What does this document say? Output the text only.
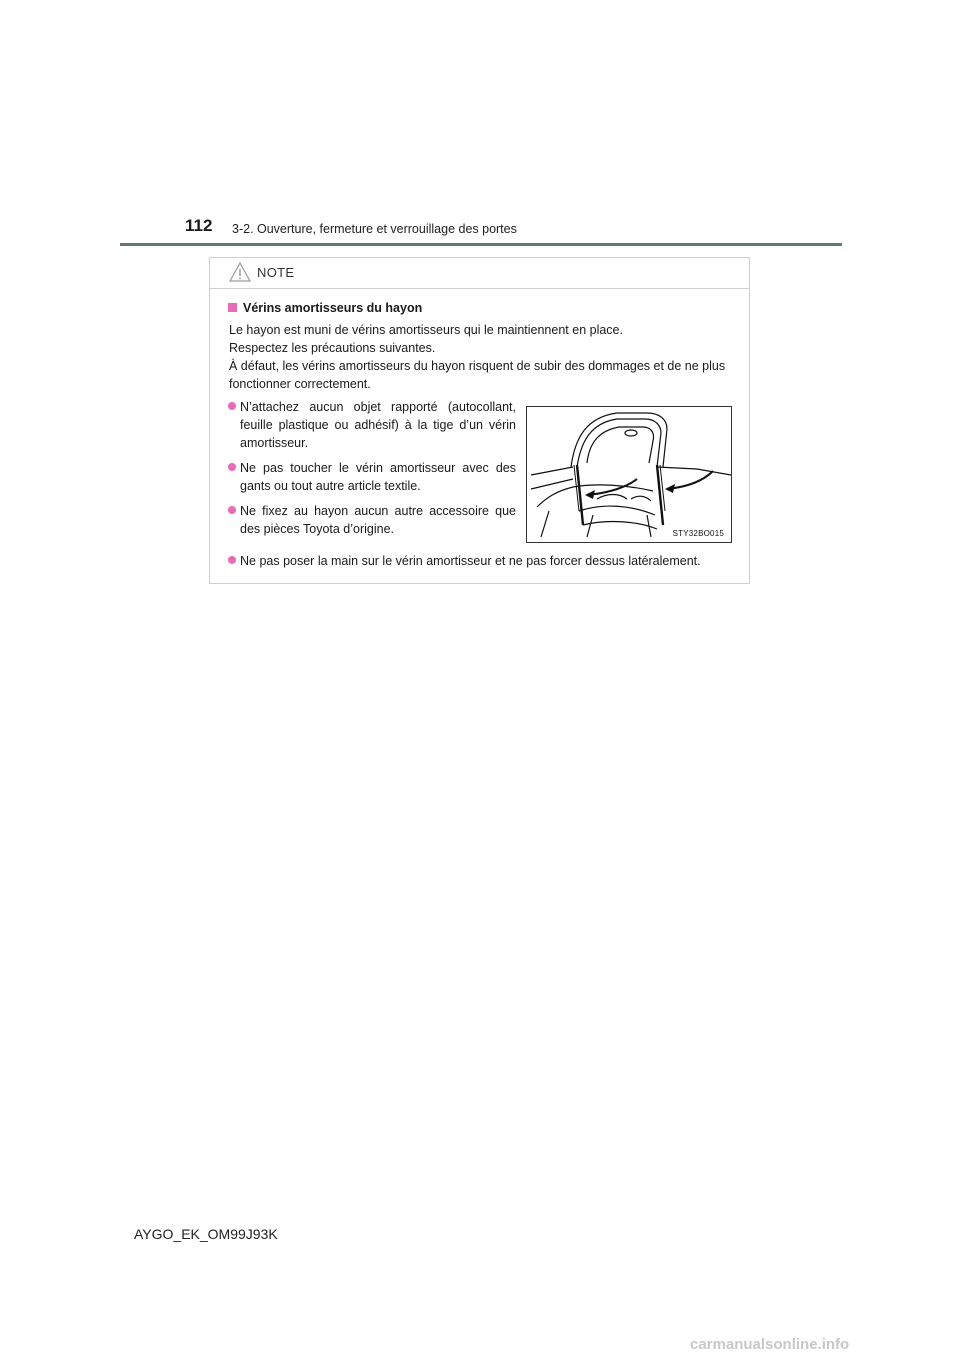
112 3-2. Ouverture, fermeture et verrouillage des portes
NOTE
Vérins amortisseurs du hayon

Le hayon est muni de vérins amortisseurs qui le maintiennent en place.

Respectez les précautions suivantes.

À défaut, les vérins amortisseurs du hayon risquent de subir des dommages et de ne plus fonctionner correctement.

N’attachez aucun objet rapporté (autocollant, feuille plastique ou adhésif) à la tige d’un vérin amortisseur.
Ne pas toucher le vérin amortisseur avec des gants ou tout autre article textile.
Ne fixez au hayon aucun autre accessoire que des pièces Toyota d’origine.	STY32BO015
Ne pas poser la main sur le vérin amortisseur et ne pas forcer dessus latéralement.
AYGO_EK_OM99J93K
carmanualsonline.info
